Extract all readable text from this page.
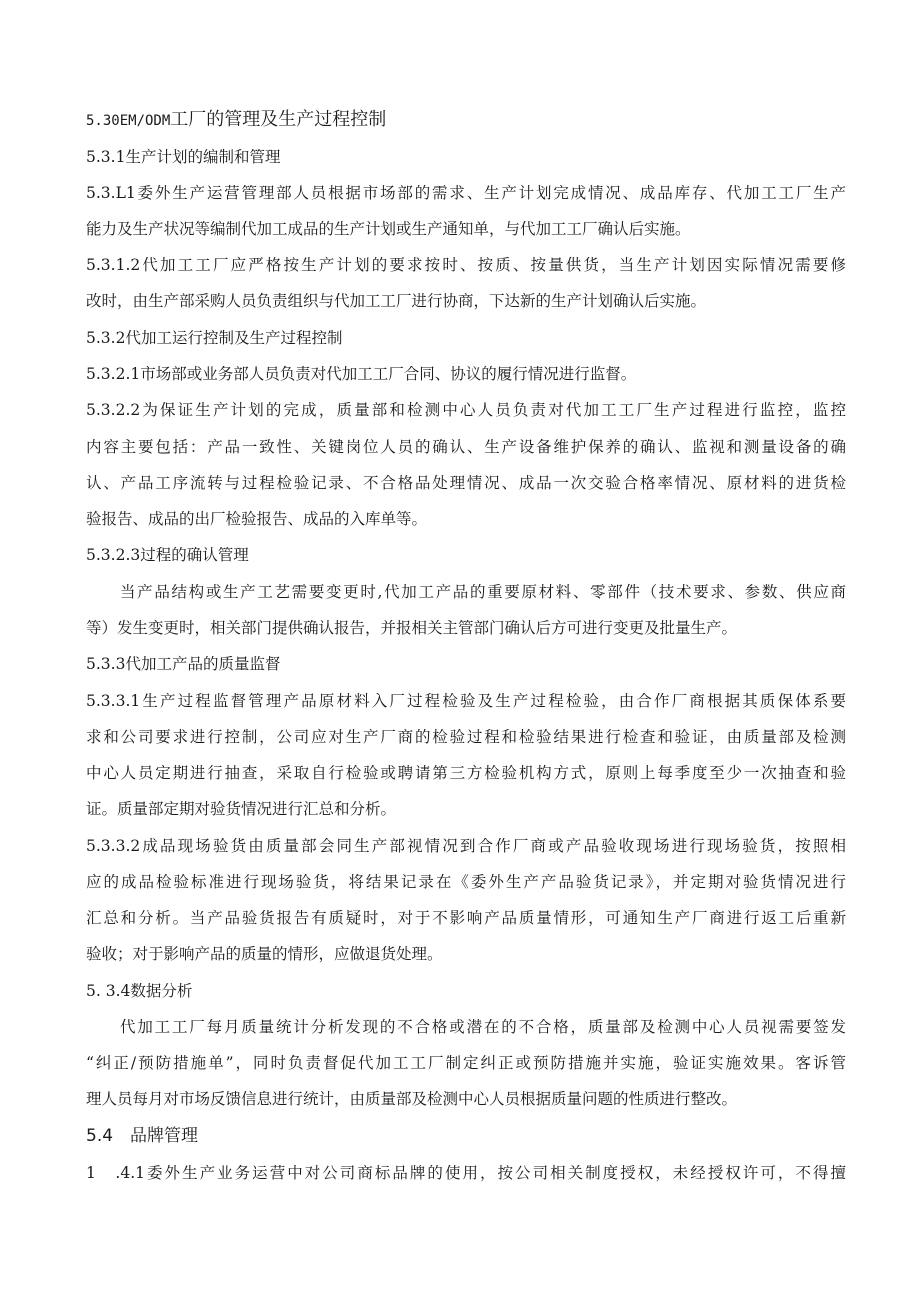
5.30EM/ODM工厂的管理及生产过程控制
5.3.1生产计划的编制和管理
5.3.L1委外生产运营管理部人员根据市场部的需求、生产计划完成情况、成品库存、代加工工厂生产
能力及生产状况等编制代加工成品的生产计划或生产通知单，与代加工工厂确认后实施。
5.3.1.2代加工工厂应严格按生产计划的要求按时、按质、按量供货，当生产计划因实际情况需要修
改时，由生产部采购人员负责组织与代加工工厂进行协商，下达新的生产计划确认后实施。
5.3.2代加工运行控制及生产过程控制
5.3.2.1市场部或业务部人员负责对代加工工厂合同、协议的履行情况进行监督。
5.3.2.2为保证生产计划的完成，质量部和检测中心人员负责对代加工工厂生产过程进行监控，监控
内容主要包括：产品一致性、关键岗位人员的确认、生产设备维护保养的确认、监视和测量设备的确
认、产品工序流转与过程检验记录、不合格品处理情况、成品一次交验合格率情况、原材料的进货检
验报告、成品的出厂检验报告、成品的入库单等。
5.3.2.3过程的确认管理
当产品结构或生产工艺需要变更时,代加工产品的重要原材料、零部件（技术要求、参数、供应商
等）发生变更时，相关部门提供确认报告，并报相关主管部门确认后方可进行变更及批量生产。
5.3.3代加工产品的质量监督
5.3.3.1生产过程监督管理产品原材料入厂过程检验及生产过程检验，由合作厂商根据其质保体系要
求和公司要求进行控制，公司应对生产厂商的检验过程和检验结果进行检查和验证，由质量部及检测
中心人员定期进行抽查，采取自行检验或聘请第三方检验机构方式，原则上每季度至少一次抽查和验
证。质量部定期对验货情况进行汇总和分析。
5.3.3.2成品现场验货由质量部会同生产部视情况到合作厂商或产品验收现场进行现场验货，按照相
应的成品检验标准进行现场验货，将结果记录在《委外生产产品验货记录》，并定期对验货情况进行
汇总和分析。当产品验货报告有质疑时，对于不影响产品质量情形，可通知生产厂商进行返工后重新
验收；对于影响产品的质量的情形，应做退货处理。
5. 3.4数据分析
代加工工厂每月质量统计分析发现的不合格或潜在的不合格，质量部及检测中心人员视需要签发
“纠正/预防措施单”，同时负责督促代加工工厂制定纠正或预防措施并实施，验证实施效果。客诉管
理人员每月对市场反馈信息进行统计，由质量部及检测中心人员根据质量问题的性质进行整改。
5.4　品牌管理
1　.4.1委外生产业务运营中对公司商标品牌的使用，按公司相关制度授权，未经授权许可，不得擅
